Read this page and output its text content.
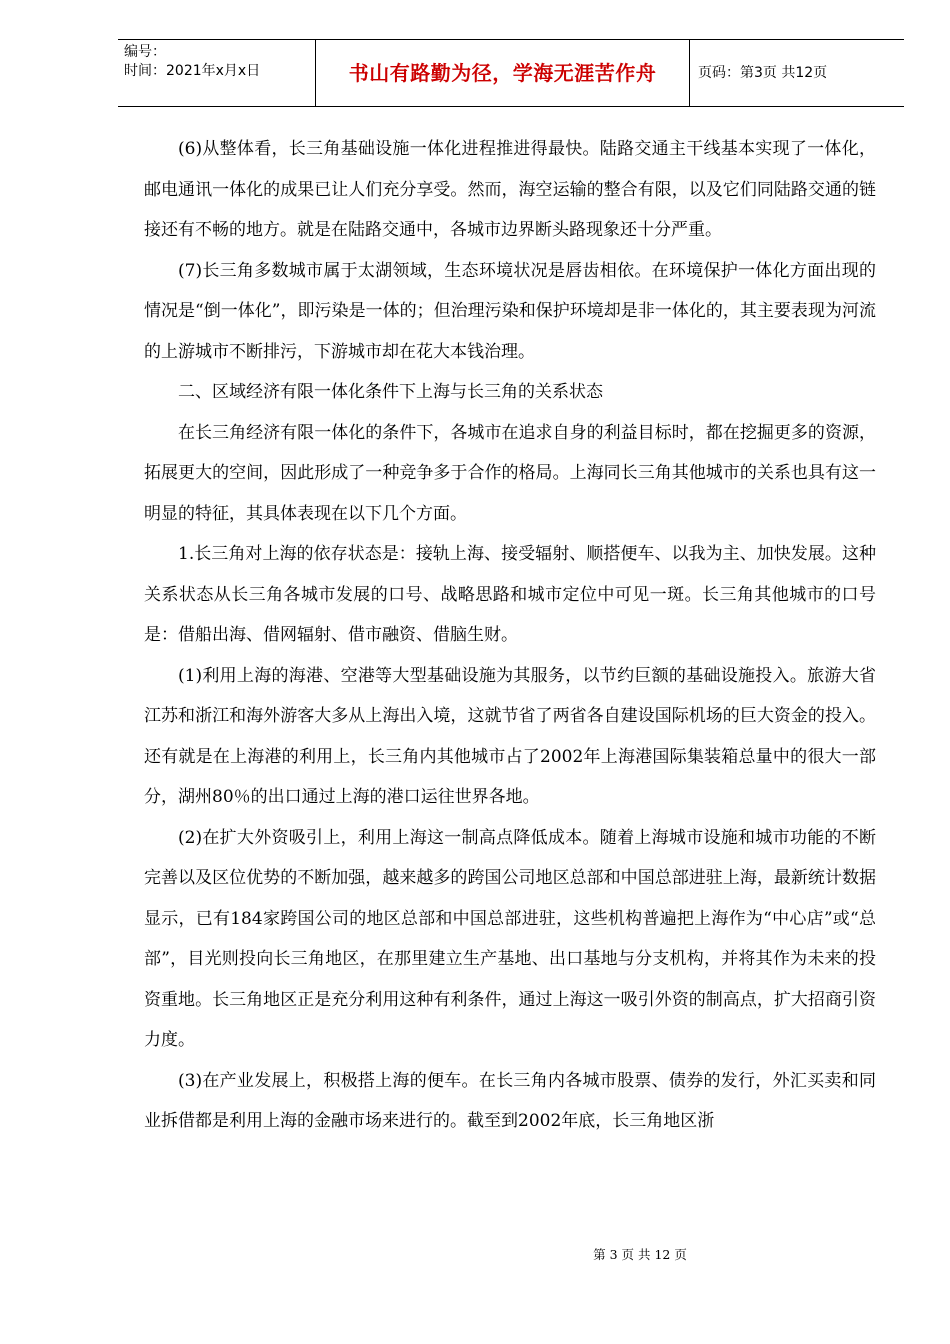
编号：
时间：2021年x月x日	书山有路勤为径，学海无涯苦作舟	页码：第3页 共12页

(6)从整体看，长三角基础设施一体化进程推进得最快。陆路交通主干线基本实现了一体化，邮电通讯一体化的成果已让人们充分享受。然而，海空运输的整合有限，以及它们同陆路交通的链接还有不畅的地方。就是在陆路交通中，各城市边界断头路现象还十分严重。

(7)长三角多数城市属于太湖领域，生态环境状况是唇齿相依。在环境保护一体化方面出现的情况是“倒一体化”，即污染是一体的；但治理污染和保护环境却是非一体化的，其主要表现为河流的上游城市不断排污，下游城市却在花大本钱治理。

二、区域经济有限一体化条件下上海与长三角的关系状态

在长三角经济有限一体化的条件下，各城市在追求自身的利益目标时，都在挖掘更多的资源，拓展更大的空间，因此形成了一种竞争多于合作的格局。上海同长三角其他城市的关系也具有这一明显的特征，其具体表现在以下几个方面。

1.长三角对上海的依存状态是：接轨上海、接受辐射、顺搭便车、以我为主、加快发展。这种关系状态从长三角各城市发展的口号、战略思路和城市定位中可见一斑。长三角其他城市的口号是：借船出海、借网辐射、借市融资、借脑生财。

(1)利用上海的海港、空港等大型基础设施为其服务，以节约巨额的基础设施投入。旅游大省江苏和浙江和海外游客大多从上海出入境，这就节省了两省各自建设国际机场的巨大资金的投入。还有就是在上海港的利用上，长三角内其他城市占了2002年上海港国际集装箱总量中的很大一部分，湖州80％的出口通过上海的港口运往世界各地。

(2)在扩大外资吸引上，利用上海这一制高点降低成本。随着上海城市设施和城市功能的不断完善以及区位优势的不断加强，越来越多的跨国公司地区总部和中国总部进驻上海，最新统计数据显示，已有184家跨国公司的地区总部和中国总部进驻，这些机构普遍把上海作为“中心店”或“总部”，目光则投向长三角地区，在那里建立生产基地、出口基地与分支机构，并将其作为未来的投资重地。长三角地区正是充分利用这种有利条件，通过上海这一吸引外资的制高点，扩大招商引资力度。

(3)在产业发展上，积极搭上海的便车。在长三角内各城市股票、债券的发行，外汇买卖和同业拆借都是利用上海的金融市场来进行的。截至到2002年底，长三角地区浙

第 3 页 共 12 页
